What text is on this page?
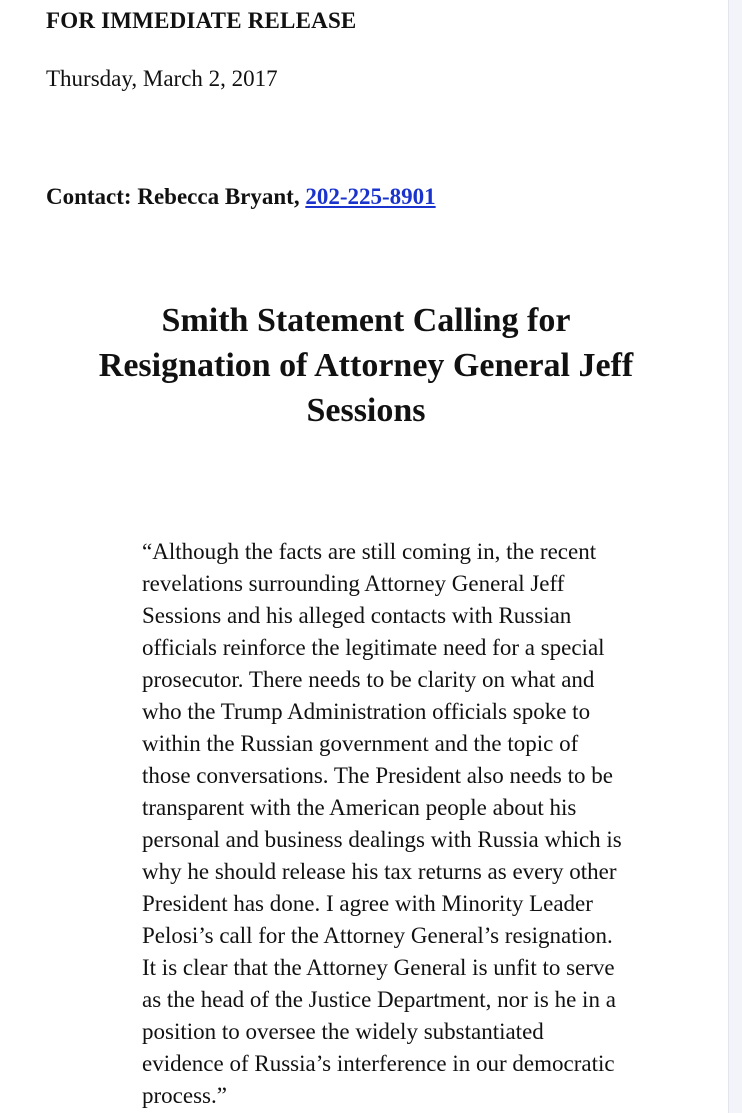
FOR IMMEDIATE RELEASE

Thursday, March 2, 2017

Contact: Rebecca Bryant, 202-225-8901

Smith Statement Calling for
Resignation of Attorney General Jeff
Sessions

“Although the facts are still coming in, the recent
revelations surrounding Attorney General Jeff
Sessions and his alleged contacts with Russian
officials reinforce the legitimate need for a special
prosecutor. There needs to be clarity on what and
who the Trump Administration officials spoke to
within the Russian government and the topic of
those conversations. The President also needs to be
transparent with the American people about his
personal and business dealings with Russia which is
why he should release his tax returns as every other
President has done. I agree with Minority Leader
Pelosi’s call for the Attorney General’s resignation.
It is clear that the Attorney General is unfit to serve
as the head of the Justice Department, nor is he in a
position to oversee the widely substantiated
evidence of Russia’s interference in our democratic
process.”
